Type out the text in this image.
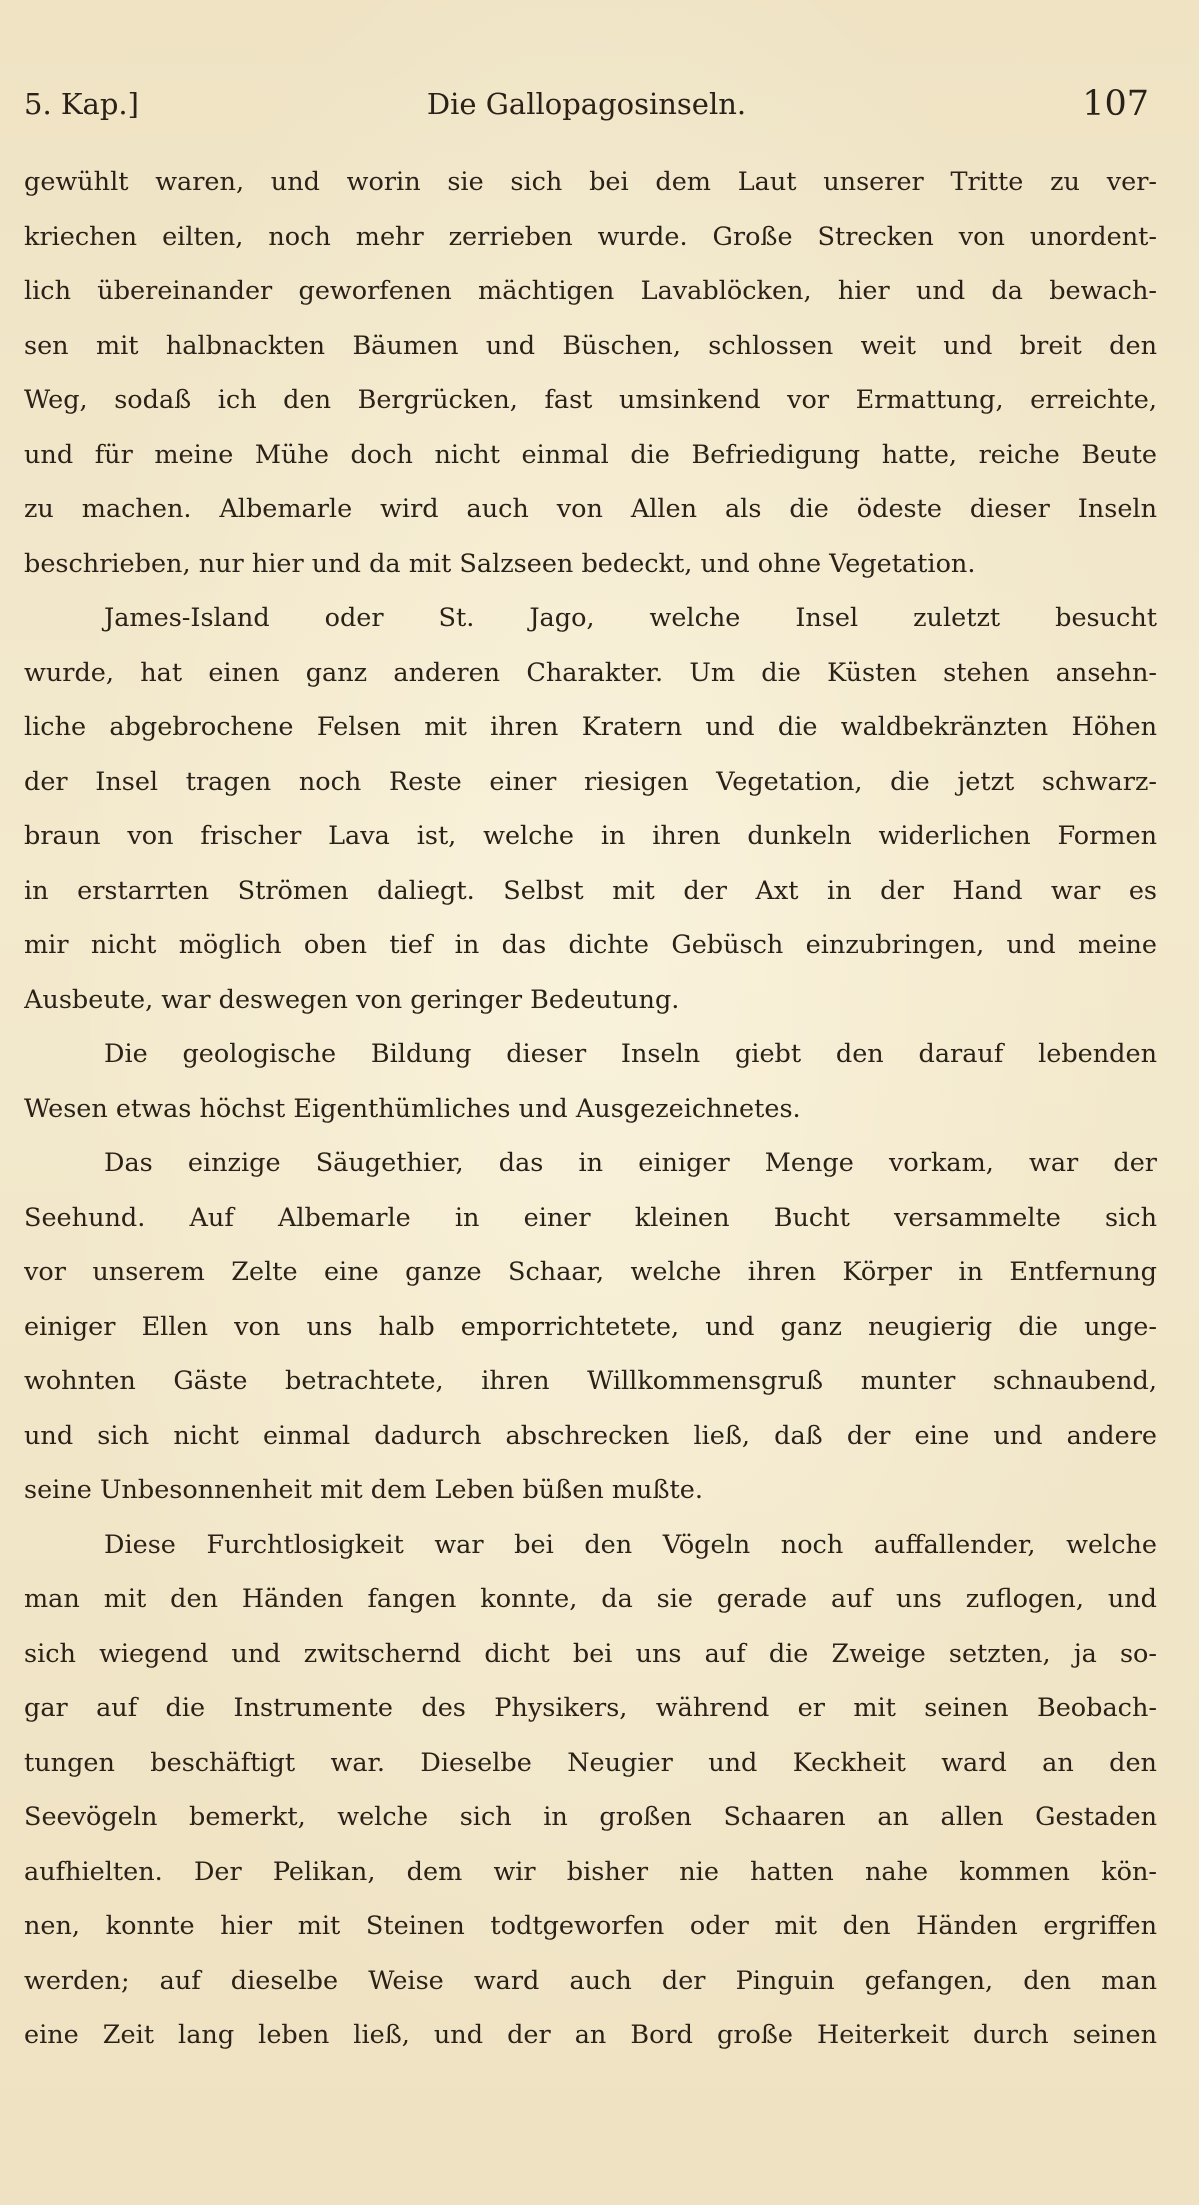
5. Kap.]	Die Gallopagosinseln.	107
gewühlt waren, und worin sie sich bei dem Laut unserer Tritte zu ver-
kriechen eilten, noch mehr zerrieben wurde. Große Strecken von unordent-
lich übereinander geworfenen mächtigen Lavablöcken, hier und da bewach-
sen mit halbnackten Bäumen und Büschen, schlossen weit und breit den
Weg, sodaß ich den Bergrücken, fast umsinkend vor Ermattung, erreichte,
und für meine Mühe doch nicht einmal die Befriedigung hatte, reiche Beute
zu machen. Albemarle wird auch von Allen als die ödeste dieser Inseln
beschrieben, nur hier und da mit Salzseen bedeckt, und ohne Vegetation.
James-Island oder St. Jago, welche Insel zuletzt besucht
wurde, hat einen ganz anderen Charakter. Um die Küsten stehen ansehn-
liche abgebrochene Felsen mit ihren Kratern und die waldbekränzten Höhen
der Insel tragen noch Reste einer riesigen Vegetation, die jetzt schwarz-
braun von frischer Lava ist, welche in ihren dunkeln widerlichen Formen
in erstarrten Strömen daliegt. Selbst mit der Axt in der Hand war es
mir nicht möglich oben tief in das dichte Gebüsch einzubringen, und meine
Ausbeute, war deswegen von geringer Bedeutung.
Die geologische Bildung dieser Inseln giebt den darauf lebenden
Wesen etwas höchst Eigenthümliches und Ausgezeichnetes.
Das einzige Säugethier, das in einiger Menge vorkam, war der
Seehund. Auf Albemarle in einer kleinen Bucht versammelte sich
vor unserem Zelte eine ganze Schaar, welche ihren Körper in Entfernung
einiger Ellen von uns halb emporrichtetete, und ganz neugierig die unge-
wohnten Gäste betrachtete, ihren Willkommensgruß munter schnaubend,
und sich nicht einmal dadurch abschrecken ließ, daß der eine und andere
seine Unbesonnenheit mit dem Leben büßen mußte.
Diese Furchtlosigkeit war bei den Vögeln noch auffallender, welche
man mit den Händen fangen konnte, da sie gerade auf uns zuflogen, und
sich wiegend und zwitschernd dicht bei uns auf die Zweige setzten, ja so-
gar auf die Instrumente des Physikers, während er mit seinen Beobach-
tungen beschäftigt war. Dieselbe Neugier und Keckheit ward an den
Seevögeln bemerkt, welche sich in großen Schaaren an allen Gestaden
aufhielten. Der Pelikan, dem wir bisher nie hatten nahe kommen kön-
nen, konnte hier mit Steinen todtgeworfen oder mit den Händen ergriffen
werden; auf dieselbe Weise ward auch der Pinguin gefangen, den man
eine Zeit lang leben ließ, und der an Bord große Heiterkeit durch seinen
